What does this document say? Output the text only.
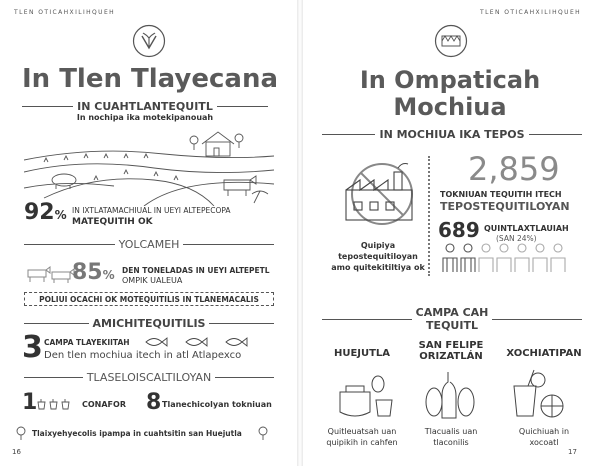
TLEN OTICAHXILIHQUEH
In Tlen Tlayecana
IN CUAHTLANTEQUITL
In nochipa ika motekipanouah
92% IN IXTLATAMACHIUAL IN UEYI ALTEPECOPA
MATEQUITIH OK
YOLCAMEH
85% DEN TONELADAS IN UEYI ALTEPETL
OMPIK UALEUA
POLIUI OCACHI OK MOTEQUITILIS IN TLANEMACALIS
AMICHITEQUITILIS
3 CAMPA TLAYEKIITAH
Den tlen mochiua itech in atl Atlapexco
TLASELOISCALTILOYAN
1	CONAFOR 8 Tlanechicolyan tokniuan
Tlaixyehyecolis ipampa in cuahtsitin san Huejutla
16
TLEN OTICAHXILIHQUEH
In Ompaticah
Mochiua
IN MOCHIUA IKA TEPOS
Quipiya
tepostequitiloyan
amo quitekitiltiya ok
2,859
TOKNIUAN TEQUITIH ITECH
TEPOSTEQUITILOYAN
689 QUINTLAXTLAUIAH
(SAN 24%)
CAMPA CAH
TEQUITL
HUEJUTLA
SAN FELIPE
ORIZATLÁN	XOCHIATIPAN
Quitleuatsah uan
quipikih in cahfen
Tlacualis uan
tlaconilis
Quichiuah in
xocoatl
17
